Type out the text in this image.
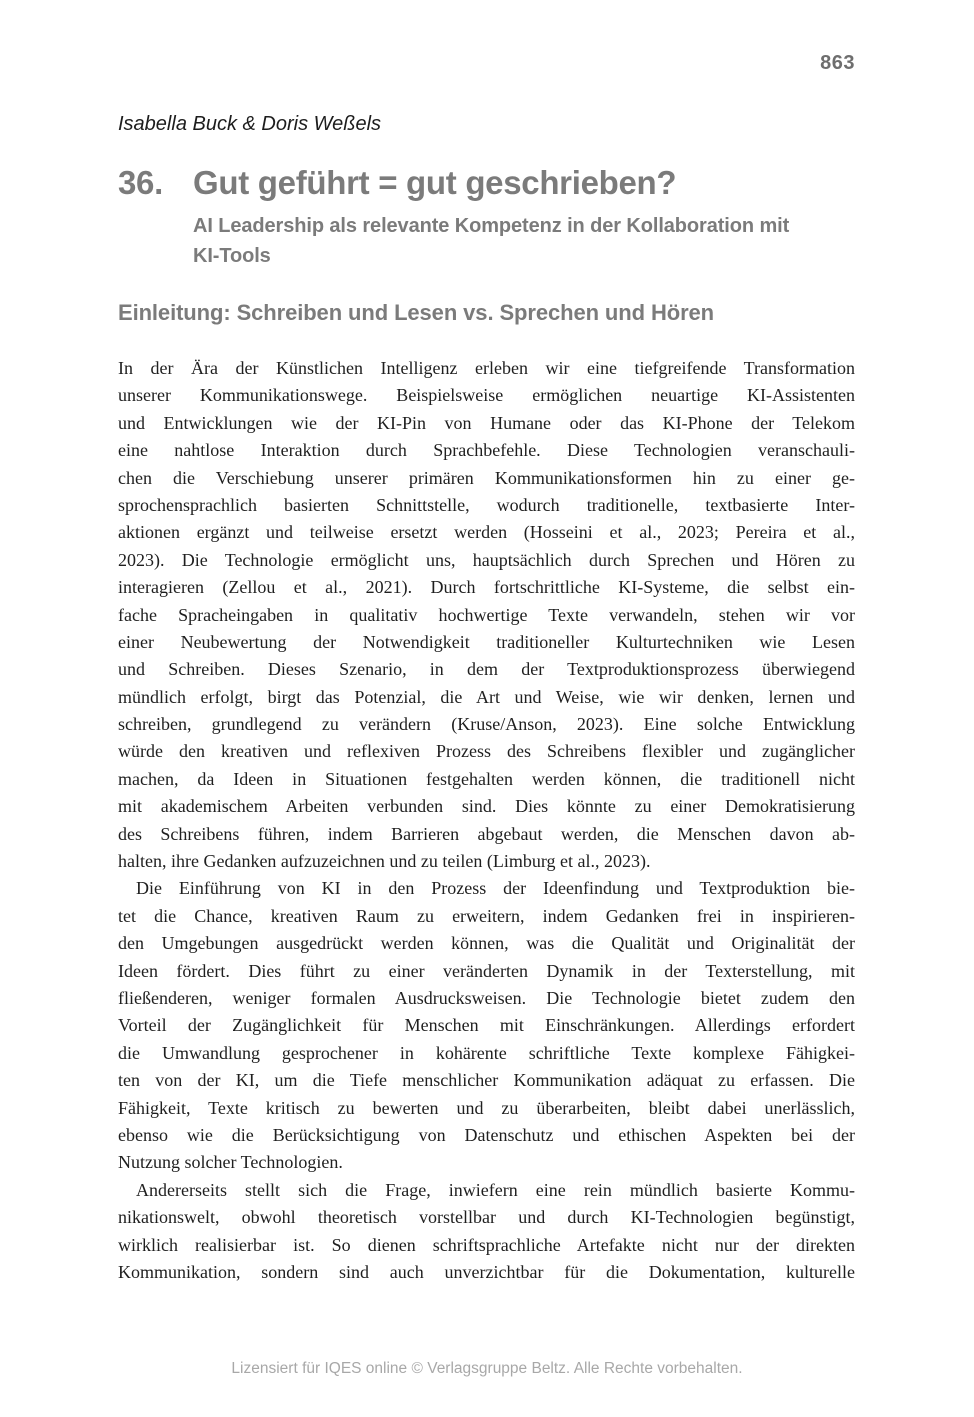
863
Isabella Buck & Doris Weßels
36. Gut geführt = gut geschrieben?
AI Leadership als relevante Kompetenz in der Kollaboration mit
KI-Tools
Einleitung: Schreiben und Lesen vs. Sprechen und Hören
In der Ära der Künstlichen Intelligenz erleben wir eine tiefgreifende Transformation
unserer Kommunikationswege. Beispielsweise ermöglichen neuartige KI-Assistenten
und Entwicklungen wie der KI-Pin von Humane oder das KI-Phone der Telekom
eine nahtlose Interaktion durch Sprachbefehle. Diese Technologien veranschauli-
chen die Verschiebung unserer primären Kommunikationsformen hin zu einer ge-
sprochensprachlich basierten Schnittstelle, wodurch traditionelle, textbasierte Inter-
aktionen ergänzt und teilweise ersetzt werden (Hosseini et al., 2023; Pereira et al.,
2023). Die Technologie ermöglicht uns, hauptsächlich durch Sprechen und Hören zu
interagieren (Zellou et al., 2021). Durch fortschrittliche KI-Systeme, die selbst ein-
fache Spracheingaben in qualitativ hochwertige Texte verwandeln, stehen wir vor
einer Neubewertung der Notwendigkeit traditioneller Kulturtechniken wie Lesen
und Schreiben. Dieses Szenario, in dem der Textproduktionsprozess überwiegend
mündlich erfolgt, birgt das Potenzial, die Art und Weise, wie wir denken, lernen und
schreiben, grundlegend zu verändern (Kruse/Anson, 2023). Eine solche Entwicklung
würde den kreativen und reflexiven Prozess des Schreibens flexibler und zugänglicher
machen, da Ideen in Situationen festgehalten werden können, die traditionell nicht
mit akademischem Arbeiten verbunden sind. Dies könnte zu einer Demokratisierung
des Schreibens führen, indem Barrieren abgebaut werden, die Menschen davon ab-
halten, ihre Gedanken aufzuzeichnen und zu teilen (Limburg et al., 2023).
Die Einführung von KI in den Prozess der Ideenfindung und Textproduktion bie-
tet die Chance, kreativen Raum zu erweitern, indem Gedanken frei in inspirieren-
den Umgebungen ausgedrückt werden können, was die Qualität und Originalität der
Ideen fördert. Dies führt zu einer veränderten Dynamik in der Texterstellung, mit
fließenderen, weniger formalen Ausdrucksweisen. Die Technologie bietet zudem den
Vorteil der Zugänglichkeit für Menschen mit Einschränkungen. Allerdings erfordert
die Umwandlung gesprochener in kohärente schriftliche Texte komplexe Fähigkei-
ten von der KI, um die Tiefe menschlicher Kommunikation adäquat zu erfassen. Die
Fähigkeit, Texte kritisch zu bewerten und zu überarbeiten, bleibt dabei unerlässlich,
ebenso wie die Berücksichtigung von Datenschutz und ethischen Aspekten bei der
Nutzung solcher Technologien.
Andererseits stellt sich die Frage, inwiefern eine rein mündlich basierte Kommu-
nikationswelt, obwohl theoretisch vorstellbar und durch KI-Technologien begünstigt,
wirklich realisierbar ist. So dienen schriftsprachliche Artefakte nicht nur der direkten
Kommunikation, sondern sind auch unverzichtbar für die Dokumentation, kulturelle
Lizensiert für IQES online © Verlagsgruppe Beltz. Alle Rechte vorbehalten.
